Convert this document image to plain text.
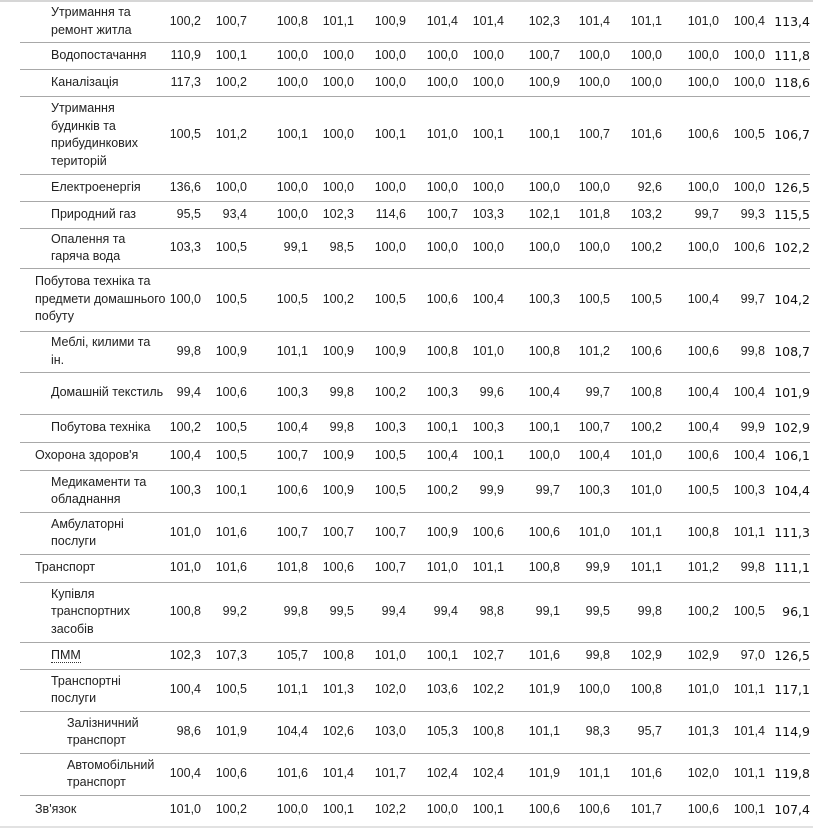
Утримання та ремонт житла	100,2	100,7	100,8	101,1	100,9	101,4	101,4	102,3	101,4	101,1	101,0	100,4	113,4
Водопостачання	110,9	100,1	100,0	100,0	100,0	100,0	100,0	100,7	100,0	100,0	100,0	100,0	111,8
Каналізація	117,3	100,2	100,0	100,0	100,0	100,0	100,0	100,9	100,0	100,0	100,0	100,0	118,6
Утримання будинків та прибудинкових територій	100,5	101,2	100,1	100,0	100,1	101,0	100,1	100,1	100,7	101,6	100,6	100,5	106,7
Електроенергія	136,6	100,0	100,0	100,0	100,0	100,0	100,0	100,0	100,0	92,6	100,0	100,0	126,5
Природний газ	95,5	93,4	100,0	102,3	114,6	100,7	103,3	102,1	101,8	103,2	99,7	99,3	115,5
Опалення та гаряча вода	103,3	100,5	99,1	98,5	100,0	100,0	100,0	100,0	100,0	100,2	100,0	100,6	102,2
Побутова техніка та предмети домашнього побуту	100,0	100,5	100,5	100,2	100,5	100,6	100,4	100,3	100,5	100,5	100,4	99,7	104,2
Меблі, килими та ін.	99,8	100,9	101,1	100,9	100,9	100,8	101,0	100,8	101,2	100,6	100,6	99,8	108,7
Домашній текстиль	99,4	100,6	100,3	99,8	100,2	100,3	99,6	100,4	99,7	100,8	100,4	100,4	101,9
Побутова техніка	100,2	100,5	100,4	99,8	100,3	100,1	100,3	100,1	100,7	100,2	100,4	99,9	102,9
Охорона здоров'я	100,4	100,5	100,7	100,9	100,5	100,4	100,1	100,0	100,4	101,0	100,6	100,4	106,1
Медикаменти та обладнання	100,3	100,1	100,6	100,9	100,5	100,2	99,9	99,7	100,3	101,0	100,5	100,3	104,4
Амбулаторні послуги	101,0	101,6	100,7	100,7	100,7	100,9	100,6	100,6	101,0	101,1	100,8	101,1	111,3
Транспорт	101,0	101,6	101,8	100,6	100,7	101,0	101,1	100,8	99,9	101,1	101,2	99,8	111,1
Купівля транспортних засобів	100,8	99,2	99,8	99,5	99,4	99,4	98,8	99,1	99,5	99,8	100,2	100,5	96,1
ПММ	102,3	107,3	105,7	100,8	101,0	100,1	102,7	101,6	99,8	102,9	102,9	97,0	126,5
Транспортні послуги	100,4	100,5	101,1	101,3	102,0	103,6	102,2	101,9	100,0	100,8	101,0	101,1	117,1
Залізничний транспорт	98,6	101,9	104,4	102,6	103,0	105,3	100,8	101,1	98,3	95,7	101,3	101,4	114,9
Автомобільний транспорт	100,4	100,6	101,6	101,4	101,7	102,4	102,4	101,9	101,1	101,6	102,0	101,1	119,8
Зв'язок	101,0	100,2	100,0	100,1	102,2	100,0	100,1	100,6	100,6	101,7	100,6	100,1	107,4
